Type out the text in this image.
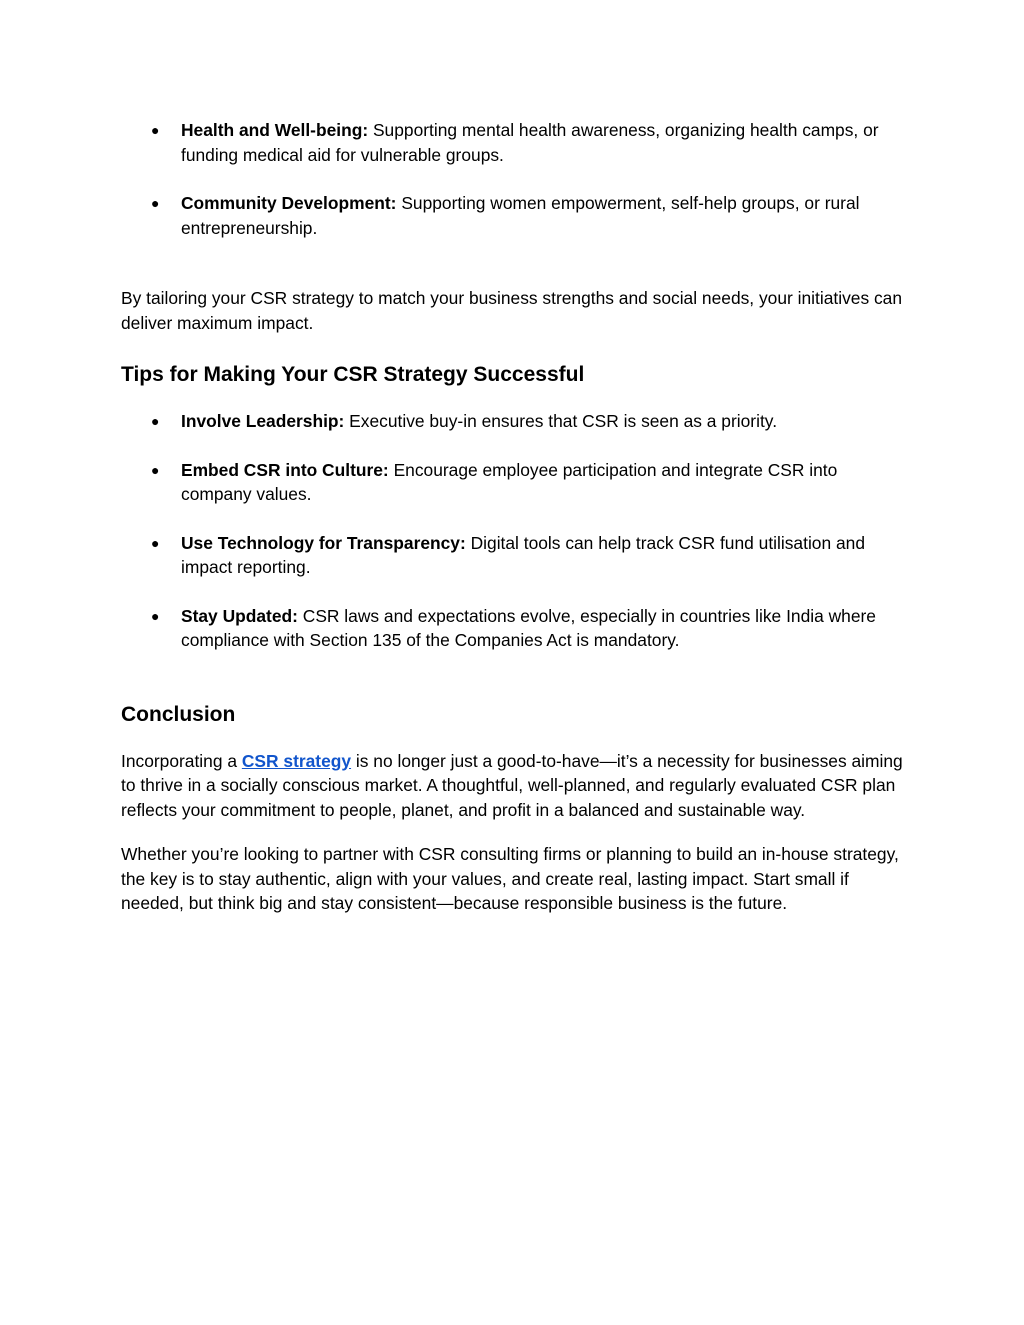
● Health and Well-being: Supporting mental health awareness, organizing health camps, or funding medical aid for vulnerable groups.
● Community Development: Supporting women empowerment, self-help groups, or rural entrepreneurship.

By tailoring your CSR strategy to match your business strengths and social needs, your initiatives can deliver maximum impact.

Tips for Making Your CSR Strategy Successful
● Involve Leadership: Executive buy-in ensures that CSR is seen as a priority.
● Embed CSR into Culture: Encourage employee participation and integrate CSR into company values.
● Use Technology for Transparency: Digital tools can help track CSR fund utilisation and impact reporting.
● Stay Updated: CSR laws and expectations evolve, especially in countries like India where compliance with Section 135 of the Companies Act is mandatory.
Conclusion

Incorporating a CSR strategy is no longer just a good-to-have—it’s a necessity for businesses aiming to thrive in a socially conscious market. A thoughtful, well-planned, and regularly evaluated CSR plan reflects your commitment to people, planet, and profit in a balanced and sustainable way.

Whether you’re looking to partner with CSR consulting firms or planning to build an in-house strategy, the key is to stay authentic, align with your values, and create real, lasting impact. Start small if needed, but think big and stay consistent—because responsible business is the future.
